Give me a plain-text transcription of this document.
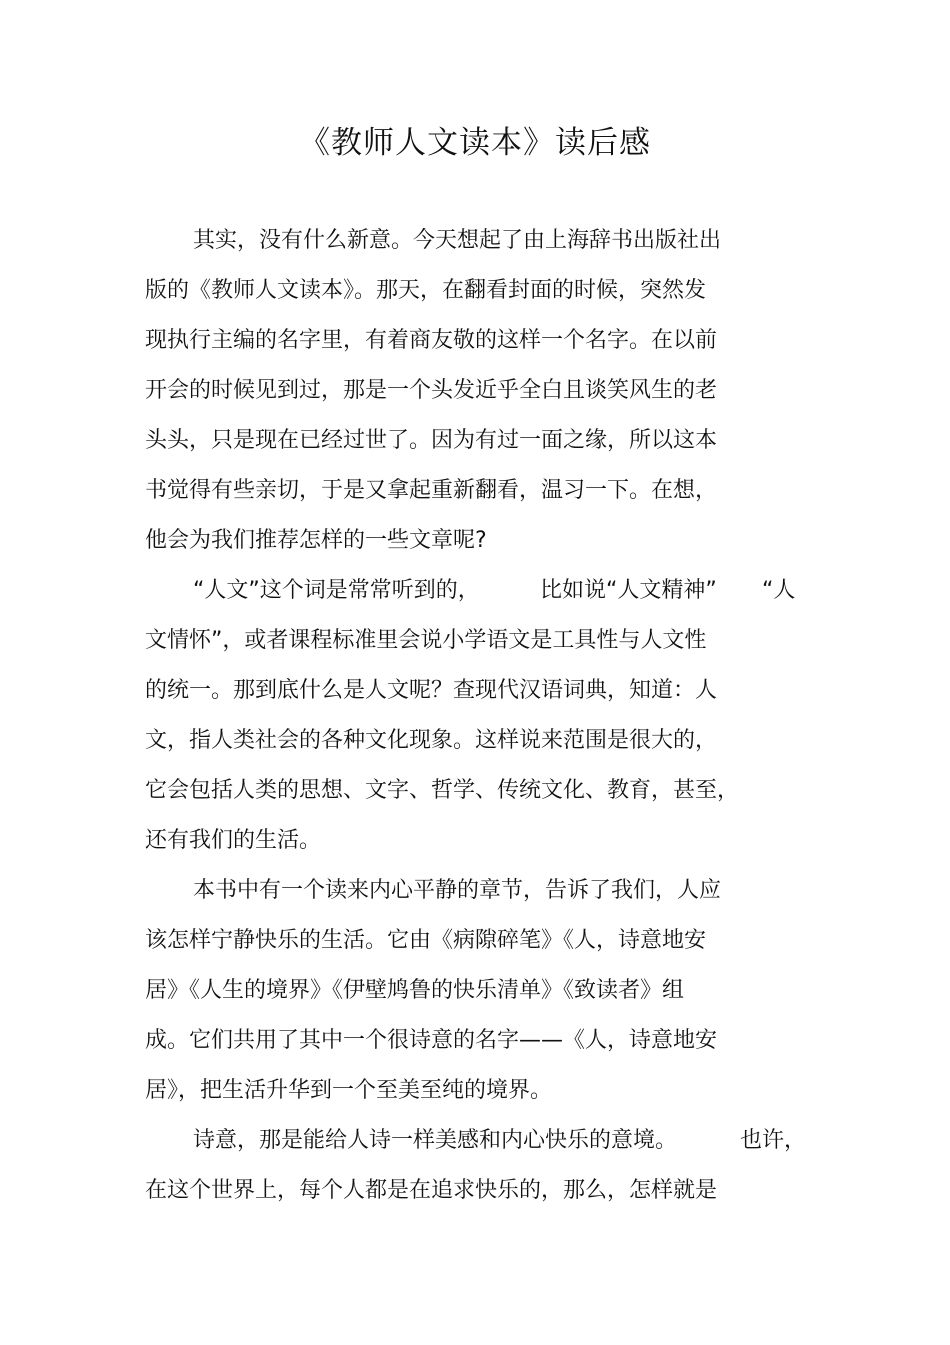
《教师人文读本》读后感

其实，没有什么新意。今天想起了由上海辞书出版社出

版的《教师人文读本》。那天，在翻看封面的时候，突然发

现执行主编的名字里，有着商友敬的这样一个名字。在以前

开会的时候见到过，那是一个头发近乎全白且谈笑风生的老

头头，只是现在已经过世了。因为有过一面之缘，所以这本

书觉得有些亲切，于是又拿起重新翻看，温习一下。在想，

他会为我们推荐怎样的一些文章呢?

“人文”这个词是常常听到的，	比如说“人文精神” “人

文情怀”，或者课程标准里会说小学语文是工具性与人文性

的统一。那到底什么是人文呢？查现代汉语词典，知道：人

文，指人类社会的各种文化现象。这样说来范围是很大的，

它会包括人类的思想、文字、哲学、传统文化、教育，甚至，

还有我们的生活。

本书中有一个读来内心平静的章节，告诉了我们，人应

该怎样宁静快乐的生活。它由《病隙碎笔》《人，诗意地安

居》《人生的境界》《伊壁鸠鲁的快乐清单》《致读者》组

成。它们共用了其中一个很诗意的名字——《人，诗意地安

居》，把生活升华到一个至美至纯的境界。

诗意，那是能给人诗一样美感和内心快乐的意境。	也许，

在这个世界上，每个人都是在追求快乐的，那么，怎样就是
